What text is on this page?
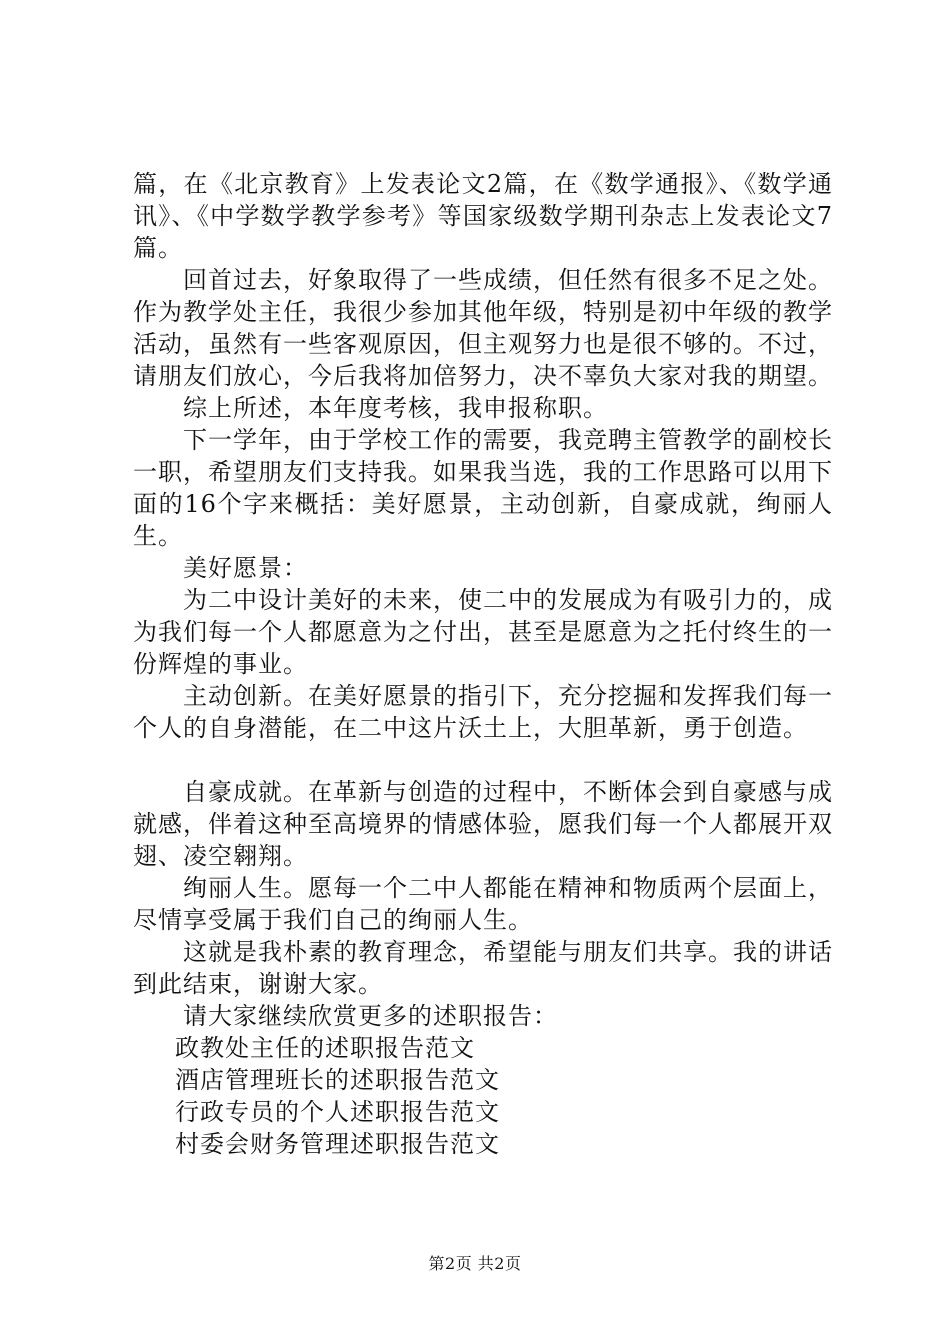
篇，在《北京教育》上发表论文2篇，在《数学通报》、《数学通讯》、《中学数学教学参考》等国家级数学期刊杂志上发表论文7篇。

回首过去，好象取得了一些成绩，但任然有很多不足之处。作为教学处主任，我很少参加其他年级，特别是初中年级的教学活动，虽然有一些客观原因，但主观努力也是很不够的。不过，请朋友们放心，今后我将加倍努力，决不辜负大家对我的期望。

综上所述，本年度考核，我申报称职。

下一学年，由于学校工作的需要，我竞聘主管教学的副校长一职，希望朋友们支持我。如果我当选，我的工作思路可以用下面的16个字来概括：美好愿景，主动创新，自豪成就，绚丽人生。

美好愿景：

为二中设计美好的未来，使二中的发展成为有吸引力的，成为我们每一个人都愿意为之付出，甚至是愿意为之托付终生的一份辉煌的事业。

主动创新。在美好愿景的指引下，充分挖掘和发挥我们每一个人的自身潜能，在二中这片沃土上，大胆革新，勇于创造。

自豪成就。在革新与创造的过程中，不断体会到自豪感与成就感，伴着这种至高境界的情感体验，愿我们每一个人都展开双翅、凌空翱翔。

绚丽人生。愿每一个二中人都能在精神和物质两个层面上，尽情享受属于我们自己的绚丽人生。

这就是我朴素的教育理念，希望能与朋友们共享。我的讲话到此结束，谢谢大家。

请大家继续欣赏更多的述职报告：

政教处主任的述职报告范文
酒店管理班长的述职报告范文
行政专员的个人述职报告范文
村委会财务管理述职报告范文
第2页 共2页
